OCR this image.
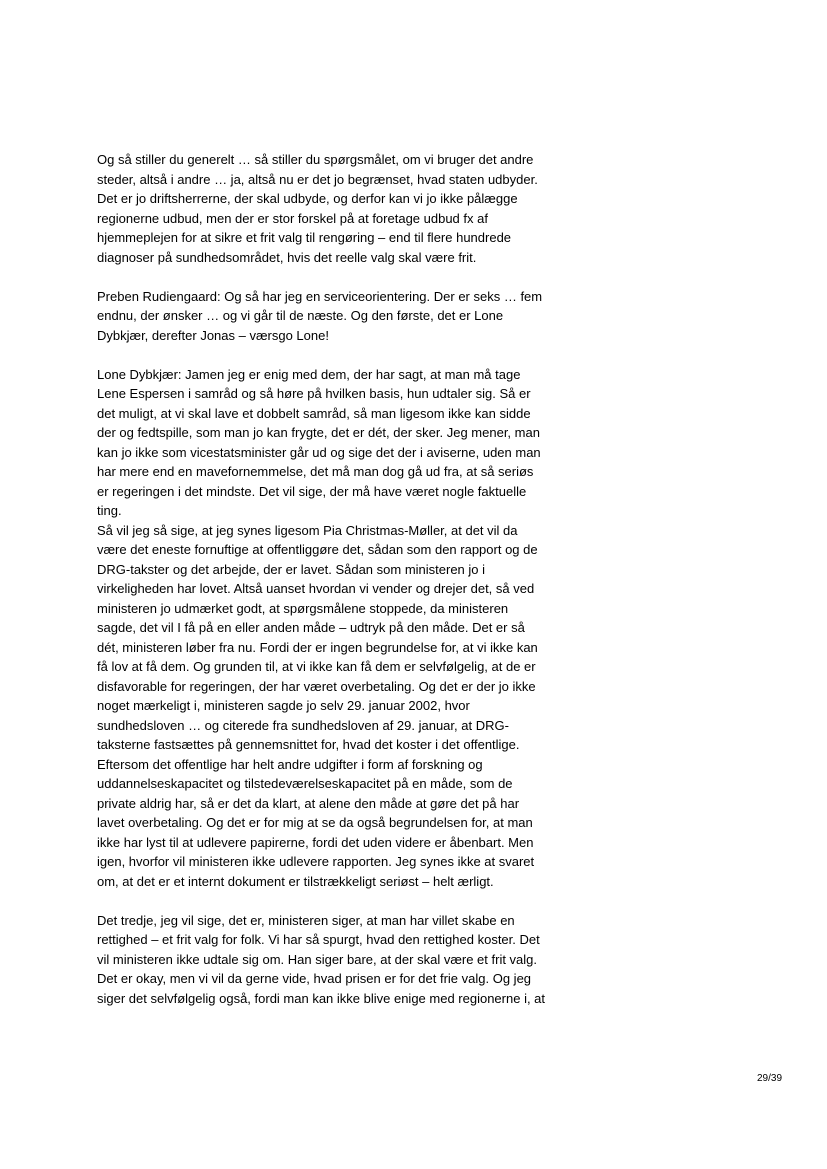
Og så stiller du generelt … så stiller du spørgsmålet, om vi bruger det andre
steder, altså i andre … ja, altså nu er det jo begrænset, hvad staten udbyder.
Det er jo driftsherrerne, der skal udbyde, og derfor kan vi jo ikke pålægge
regionerne udbud, men der er stor forskel på at foretage udbud fx af
hjemmeplejen for at sikre et frit valg til rengøring – end til flere hundrede
diagnoser på sundhedsområdet, hvis det reelle valg skal være frit.
Preben Rudiengaard: Og så har jeg en serviceorientering. Der er seks … fem
endnu, der ønsker … og vi går til de næste. Og den første, det er Lone
Dybkjær, derefter Jonas – værsgo Lone!
Lone Dybkjær: Jamen jeg er enig med dem, der har sagt, at man må tage
Lene Espersen i samråd og så høre på hvilken basis, hun udtaler sig. Så er
det muligt, at vi skal lave et dobbelt samråd, så man ligesom ikke kan sidde
der og fedtspille, som man jo kan frygte, det er dét, der sker. Jeg mener, man
kan jo ikke som vicestatsminister går ud og sige det der i aviserne, uden man
har mere end en mavefornemmelse, det må man dog gå ud fra, at så seriøs
er regeringen i det mindste. Det vil sige, der må have været nogle faktuelle
ting.
Så vil jeg så sige, at jeg synes ligesom Pia Christmas-Møller, at det vil da
være det eneste fornuftige at offentliggøre det, sådan som den rapport og de
DRG-takster og det arbejde, der er lavet. Sådan som ministeren jo i
virkeligheden har lovet. Altså uanset hvordan vi vender og drejer det, så ved
ministeren jo udmærket godt, at spørgsmålene stoppede, da ministeren
sagde, det vil I få på en eller anden måde – udtryk på den måde. Det er så
dét, ministeren løber fra nu. Fordi der er ingen begrundelse for, at vi ikke kan
få lov at få dem. Og grunden til, at vi ikke kan få dem er selvfølgelig, at de er
disfavorable for regeringen, der har været overbetaling. Og det er der jo ikke
noget mærkeligt i, ministeren sagde jo selv 29. januar 2002, hvor
sundhedsloven … og citerede fra sundhedsloven af 29. januar, at DRG-
taksterne fastsættes på gennemsnittet for, hvad det koster i det offentlige.
Eftersom det offentlige har helt andre udgifter i form af forskning og
uddannelseskapacitet og tilstedeværelseskapacitet på en måde, som de
private aldrig har, så er det da klart, at alene den måde at gøre det på har
lavet overbetaling. Og det er for mig at se da også begrundelsen for, at man
ikke har lyst til at udlevere papirerne, fordi det uden videre er åbenbart. Men
igen, hvorfor vil ministeren ikke udlevere rapporten. Jeg synes ikke at svaret
om, at det er et internt dokument er tilstrækkeligt seriøst – helt ærligt.
Det tredje, jeg vil sige, det er, ministeren siger, at man har villet skabe en
rettighed – et frit valg for folk. Vi har så spurgt, hvad den rettighed koster. Det
vil ministeren ikke udtale sig om. Han siger bare, at der skal være et frit valg.
Det er okay, men vi vil da gerne vide, hvad prisen er for det frie valg. Og jeg
siger det selvfølgelig også, fordi man kan ikke blive enige med regionerne i, at
29/39
